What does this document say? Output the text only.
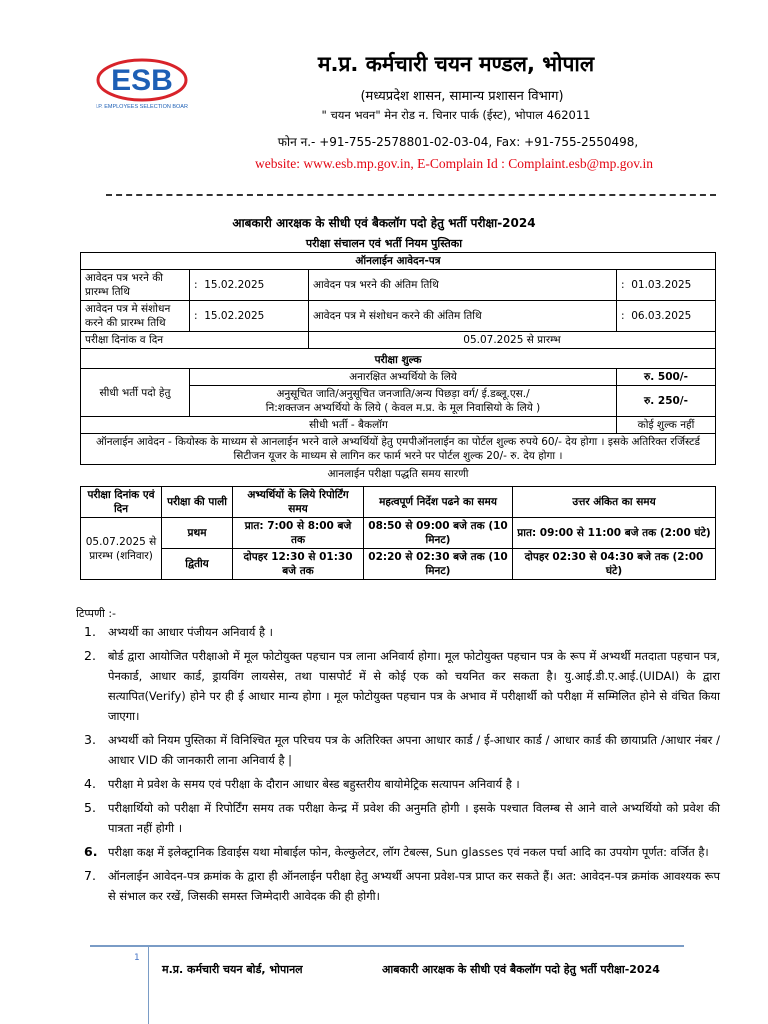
ESB
M.P. EMPLOYEES SELECTION BOARD
म.प्र. कर्मचारी चयन मण्डल, भोपाल
(मध्यप्रदेश शासन, सामान्य प्रशासन विभाग)
" चयन भवन" मेन रोड न. चिनार पार्क (ईस्ट), भोपाल 462011
फोन न.- +91-755-2578801-02-03-04, Fax: +91-755-2550498,
website: www.esb.mp.gov.in, E-Complain Id : Complaint.esb@mp.gov.in
आबकारी आरक्षक के सीधी एवं बैकलॉग पदो हेतु भर्ती परीक्षा-2024
परीक्षा संचालन एवं भर्ती नियम पुस्तिका
ऑनलाईन आवेदन-पत्र			
आवेदन पत्र भरने की प्रारम्भ तिथि	:  15.02.2025	आवेदन पत्र भरने की अंतिम तिथि	:  01.03.2025
आवेदन पत्र मे संशोधन करने की प्रारम्भ तिथि	:  15.02.2025	आवेदन पत्र मे संशोधन करने की अंतिम तिथि	:  06.03.2025
परीक्षा दिनांक व दिन		05.07.2025 से प्रारम्भ	
परीक्षा शुल्क			
सीधी भर्ती पदो हेतु	अनारक्षित अभ्यर्थियो के लिये		रु. 500/-
	अनुसूचित जाति/अनुसूचित जनजाति/अन्य पिछड़ा वर्ग/ ई.डब्लू.एस./
नि:शक्तजन अभ्यर्थियो के लिये ( केवल म.प्र. के मूल निवासियो के लिये )		रु. 250/-
सीधी भर्ती - बैकलॉग			कोई शुल्क नहीं
ऑनलाईन आवेदन - कियोस्क के माध्यम से आनलाईन भरने वाले अभ्यर्थियों हेतु एमपीऑनलाईन का पोर्टल शुल्क रुपये 60/- देय होगा । इसके अतिरिक्त रर्जिस्टर्ड सिटीजन यूजर के माध्यम से लागिन कर फार्म भरने पर पोर्टल शुल्क 20/- रु. देय होगा ।			
आनलाईन परीक्षा पद्धति समय सारणी			
परीक्षा दिनांक एवं दिन	परीक्षा की पाली	अभ्यर्थियों के लिये रिपोर्टिंग समय	महत्वपूर्ण निर्देश पढने का समय	उत्तर अंकित का समय
05.07.2025 से प्रारम्भ (शनिवार)	प्रथम	प्रात: 7:00 से 8:00 बजे तक	08:50 से 09:00 बजे तक (10 मिनट)	प्रात: 09:00 से 11:00 बजे तक (2:00 घंटे)
	द्वितीय	दोपहर 12:30 से 01:30 बजे तक	02:20 से 02:30 बजे तक (10 मिनट)	दोपहर 02:30 से 04:30 बजे तक (2:00 घंटे)
टिप्पणी :-
1. अभ्यर्थी का आधार पंजीयन अनिवार्य है ।
2. बोर्ड द्वारा आयोजित परीक्षाओ में मूल फोटोयुक्त पहचान पत्र लाना अनिवार्य होगा। मूल फोटोयुक्त पहचान पत्र के रूप में अभ्यर्थी मतदाता पहचान पत्र, पेनकार्ड, आधार कार्ड, ड्रायविंग लायसेस, तथा पासपोर्ट में से कोई एक को चयनित कर सकता है। यु.आई.डी.ए.आई.(UIDAI) के द्वारा सत्यापित(Verify) होने पर ही ई आधार मान्य होगा । मूल फोटोयुक्त पहचान पत्र के अभाव में परीक्षार्थी को परीक्षा में सम्मिलित होने से वंचित किया जाएगा।
3. अभ्यर्थी को नियम पुस्तिका में विनिश्चित मूल परिचय पत्र के अतिरिक्त अपना आधार कार्ड / ई-आधार कार्ड / आधार कार्ड की छायाप्रति /आधार नंबर /आधार VID की जानकारी लाना अनिवार्य है |
4. परीक्षा मे प्रवेश के समय एवं परीक्षा के दौरान आधार बेस्ड बहुस्तरीय बायोमेट्रिक सत्यापन अनिवार्य है ।
5. परीक्षार्थियो को परीक्षा में रिपोर्टिंग समय तक परीक्षा केन्द्र में प्रवेश की अनुमति होगी । इसके पश्चात विलम्ब से आने वाले अभ्यर्थियो को प्रवेश की पात्रता नहीं होगी ।
6. परीक्षा कक्ष में इलेक्ट्रानिक डिवाईस यथा मोबाईल फोन, केल्कुलेटर, लॉग टेबल्स, Sun glasses एवं नकल पर्चा आदि का उपयोग पूर्णत: वर्जित है।
7. ऑनलाईन आवेदन-पत्र क्रमांक के द्वारा ही ऑनलाईन परीक्षा हेतु अभ्यर्थी अपना प्रवेश-पत्र प्राप्त कर सकते हैं। अत: आवेदन-पत्र क्रमांक आवश्यक रूप से संभाल कर रखें, जिसकी समस्त जिम्मेदारी आवेदक की ही होगी।
1
म.प्र. कर्मचारी चयन बोर्ड, भोपानल	आबकारी आरक्षक के सीधी एवं बैकलॉग पदो हेतु भर्ती परीक्षा-2024
